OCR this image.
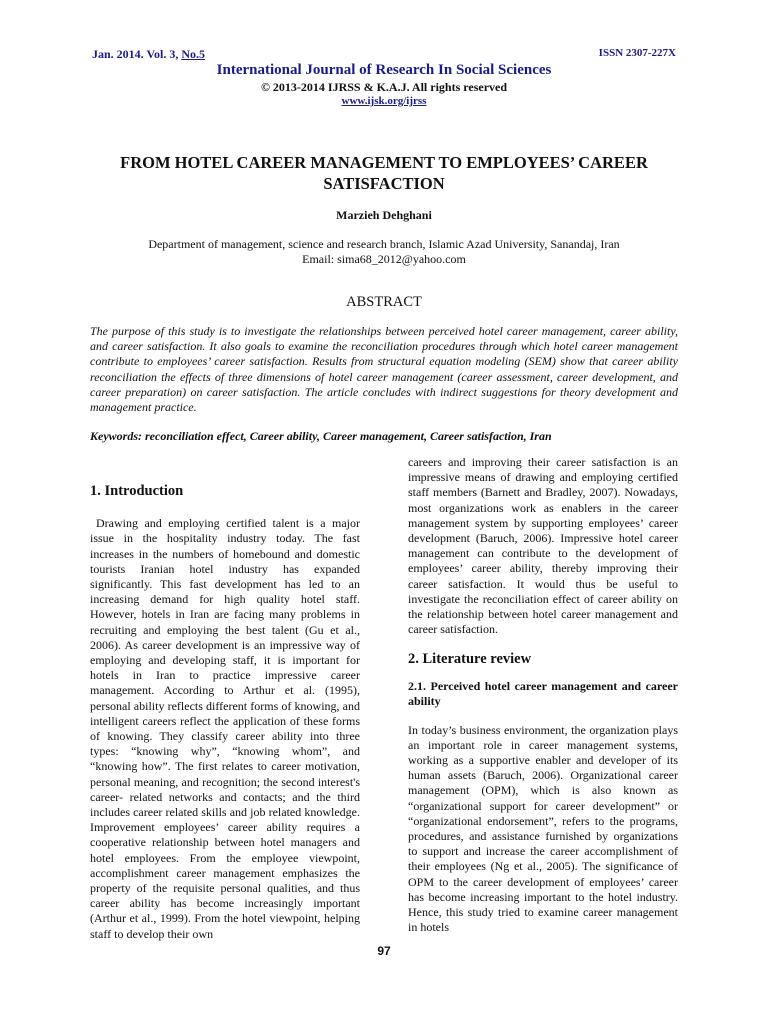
Jan. 2014. Vol. 3, No.5	ISSN 2307-227X
International Journal of Research In Social Sciences
© 2013-2014 IJRSS & K.A.J. All rights reserved
www.ijsk.org/ijrss
FROM HOTEL CAREER MANAGEMENT TO EMPLOYEES’ CAREER SATISFACTION
Marzieh Dehghani
Department of management, science and research branch, Islamic Azad University, Sanandaj, Iran
Email: sima68_2012@yahoo.com
ABSTRACT
The purpose of this study is to investigate the relationships between perceived hotel career management, career ability, and career satisfaction. It also goals to examine the reconciliation procedures through which hotel career management contribute to employees’ career satisfaction. Results from structural equation modeling (SEM) show that career ability reconciliation the effects of three dimensions of hotel career management (career assessment, career development, and career preparation) on career satisfaction. The article concludes with indirect suggestions for theory development and management practice.
Keywords: reconciliation effect, Career ability, Career management, Career satisfaction, Iran
1. Introduction

Drawing and employing certified talent is a major issue in the hospitality industry today. The fast increases in the numbers of homebound and domestic tourists Iranian hotel industry has expanded significantly. This fast development has led to an increasing demand for high quality hotel staff. However, hotels in Iran are facing many problems in recruiting and employing the best talent (Gu et al., 2006). As career development is an impressive way of employing and developing staff, it is important for hotels in Iran to practice impressive career management. According to Arthur et al. (1995), personal ability reflects different forms of knowing, and intelligent careers reflect the application of these forms of knowing. They classify career ability into three types: “knowing why”, “knowing whom”, and “knowing how”. The first relates to career motivation, personal meaning, and recognition; the second interest's career- related networks and contacts; and the third includes career related skills and job related knowledge. Improvement employees’ career ability requires a cooperative relationship between hotel managers and hotel employees. From the employee viewpoint, accomplishment career management emphasizes the property of the requisite personal qualities, and thus career ability has become increasingly important (Arthur et al., 1999). From the hotel viewpoint, helping staff to develop their own

careers and improving their career satisfaction is an impressive means of drawing and employing certified staff members (Barnett and Bradley, 2007). Nowadays, most organizations work as enablers in the career management system by supporting employees’ career development (Baruch, 2006). Impressive hotel career management can contribute to the development of employees’ career ability, thereby improving their career satisfaction. It would thus be useful to investigate the reconciliation effect of career ability on the relationship between hotel career management and career satisfaction.

2. Literature review
2.1. Perceived hotel career management and career ability

In today’s business environment, the organization plays an important role in career management systems, working as a supportive enabler and developer of its human assets (Baruch, 2006). Organizational career management (OPM), which is also known as “organizational support for career development” or “organizational endorsement”, refers to the programs, procedures, and assistance furnished by organizations to support and increase the career accomplishment of their employees (Ng et al., 2005). The significance of OPM to the career development of employees’ career has become increasing important to the hotel industry. Hence, this study tried to examine career management in hotels

97
